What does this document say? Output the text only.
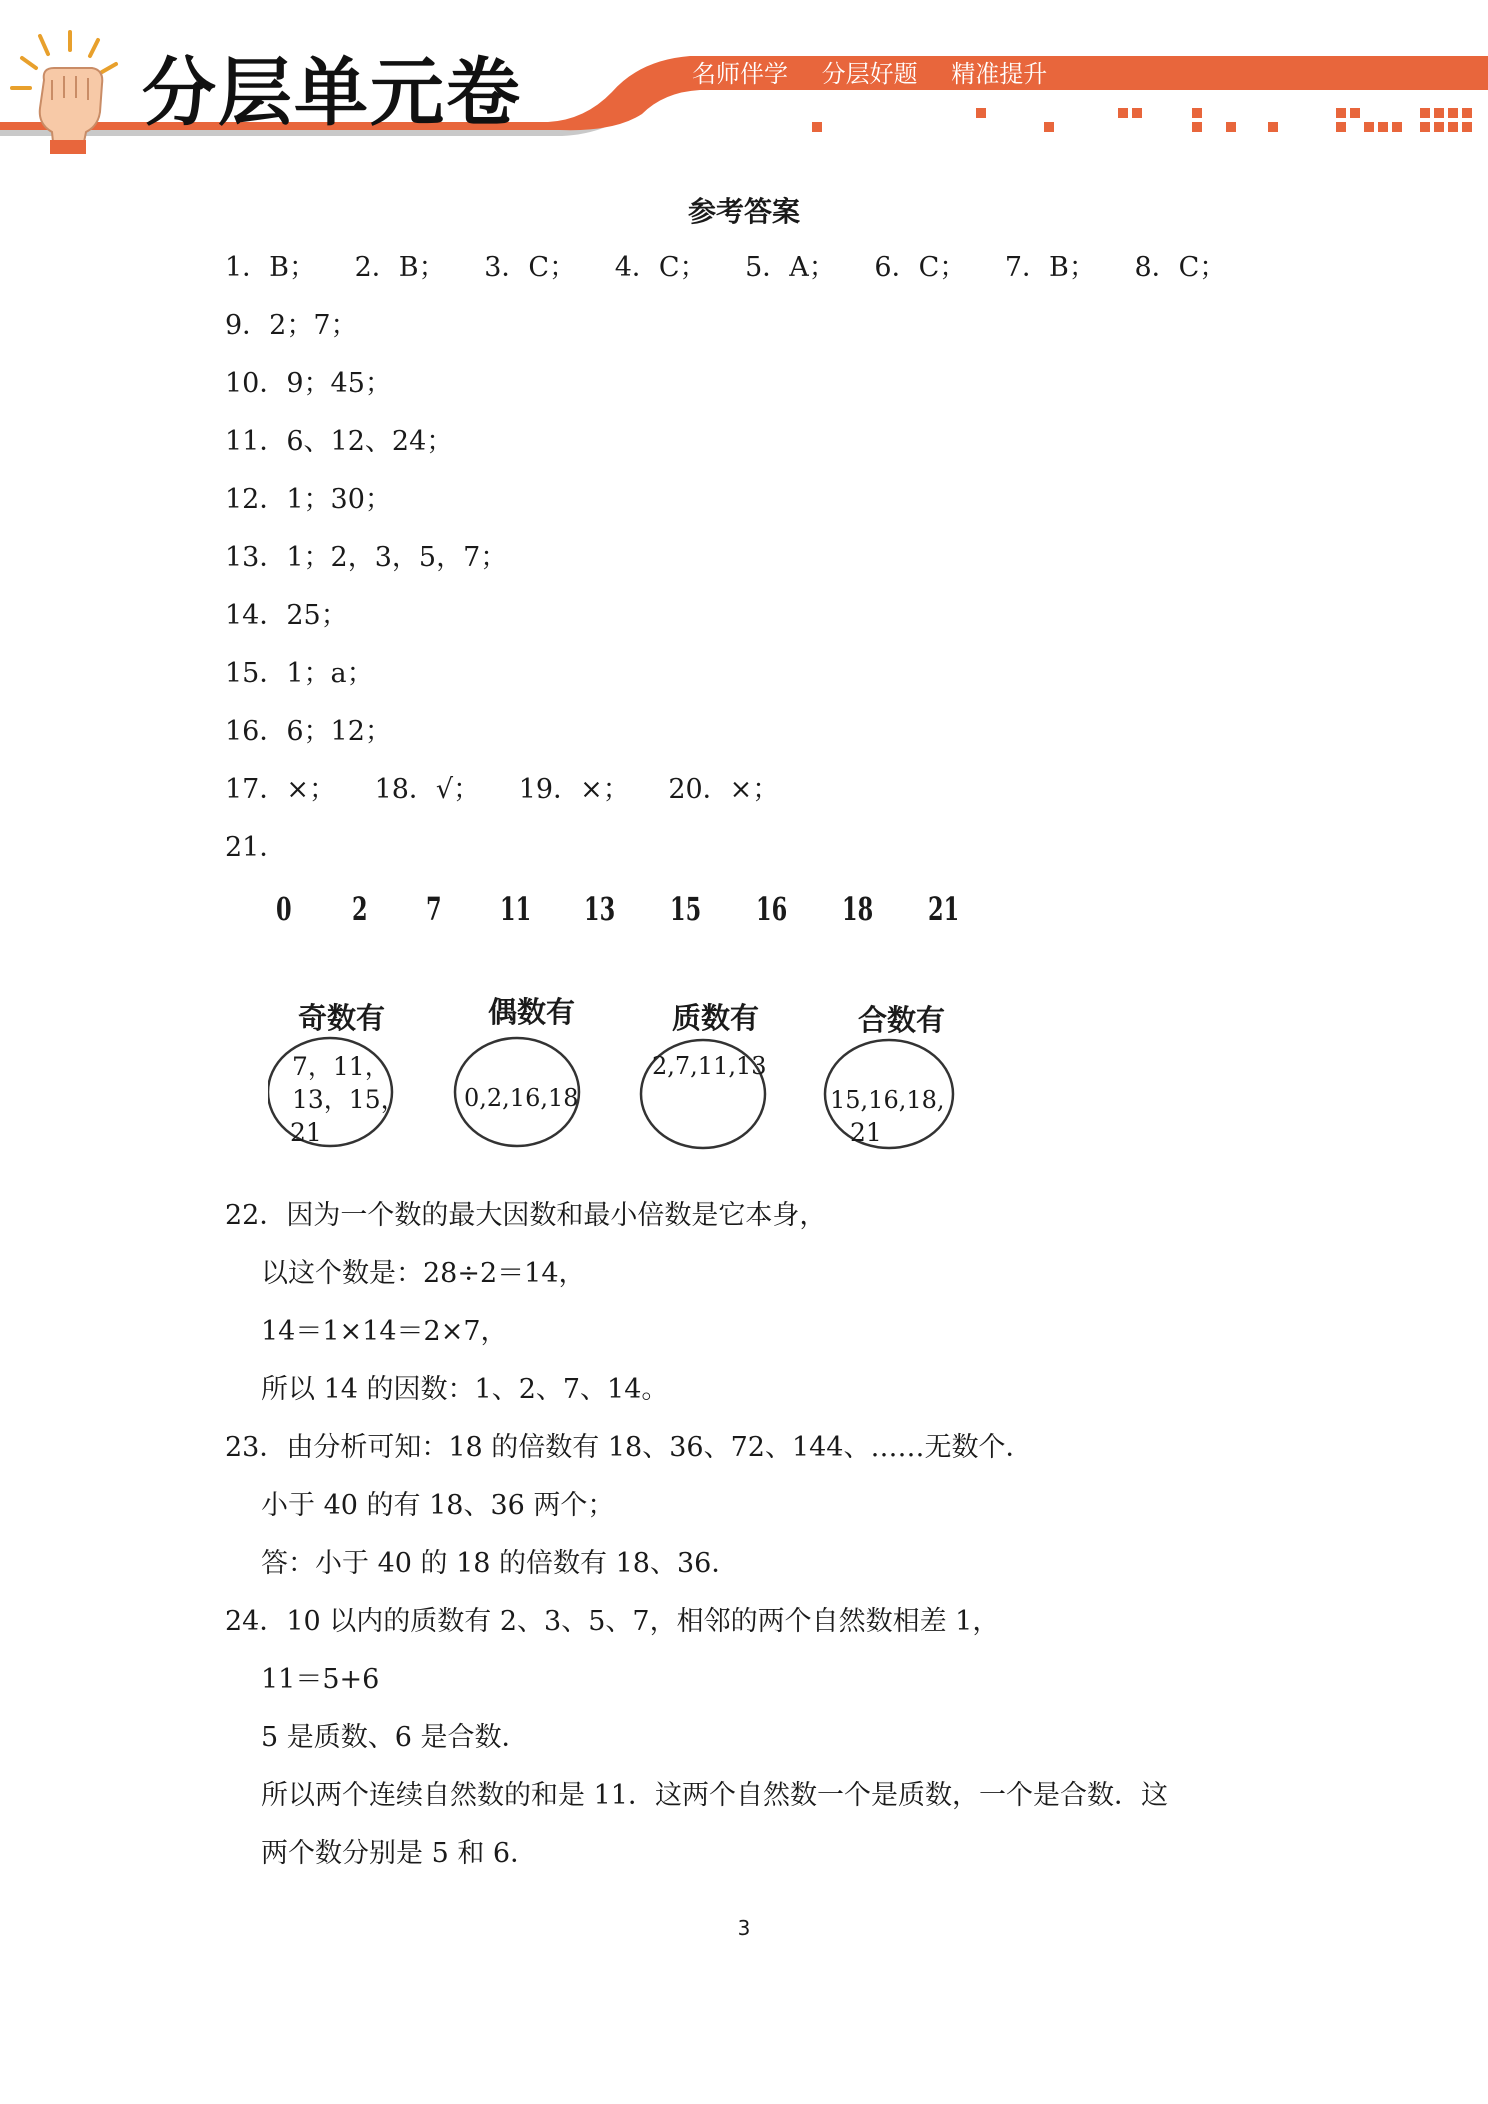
分层单元卷	名师伴学 分层好题 精准提升
参考答案
1．B； 2．B； 3．C； 4．C； 5．A； 6．C； 7．B； 8．C；
9．2；7；
10．9；45；
11．6、12、24；
12．1；30；
13．1；2，3，5，7；
14．25；
15．1；a；
16．6；12；
17．×； 18．√； 19．×； 20．×；
21．
0 2 7 11 13 15 16 18 21
奇数有	偶数有	质数有	合数有
7，11，
13，15，
21
0,2,16,18
2,7,11,13
15,16,18,
21
22．因为一个数的最大因数和最小倍数是它本身，
以这个数是：28÷2＝14，
14＝1×14＝2×7，
所以 14 的因数：1、2、7、14。
23．由分析可知：18 的倍数有 18、36、72、144、……无数个．
小于 40 的有 18、36 两个；
答：小于 40 的 18 的倍数有 18、36．
24．10 以内的质数有 2、3、5、7，相邻的两个自然数相差 1，
11＝5+6
5 是质数、6 是合数．
所以两个连续自然数的和是 11．这两个自然数一个是质数，一个是合数．这
两个数分别是 5 和 6．
3
